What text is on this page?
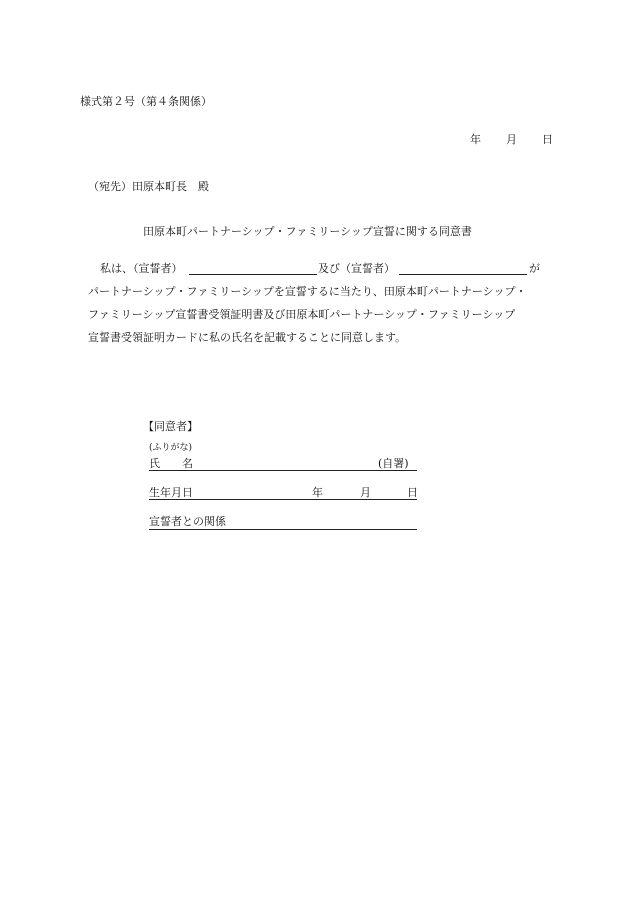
様式第２号（第４条関係）
年 月 日
（宛先）田原本町長　殿
田原本町パートナーシップ・ファミリーシップ宣誓に関する同意書
私は、（宣誓者）	及び（宣誓者）	が
パートナーシップ・ファミリーシップを宣誓するに当たり、田原本町パートナーシップ・
ファミリーシップ宣誓書受領証明書及び田原本町パートナーシップ・ファミリーシップ
宣誓書受領証明カードに私の氏名を記載することに同意します。
【同意者】
(ふりがな)
氏　　名	(自署)
生年月日	年	月	日
宣誓者との関係
